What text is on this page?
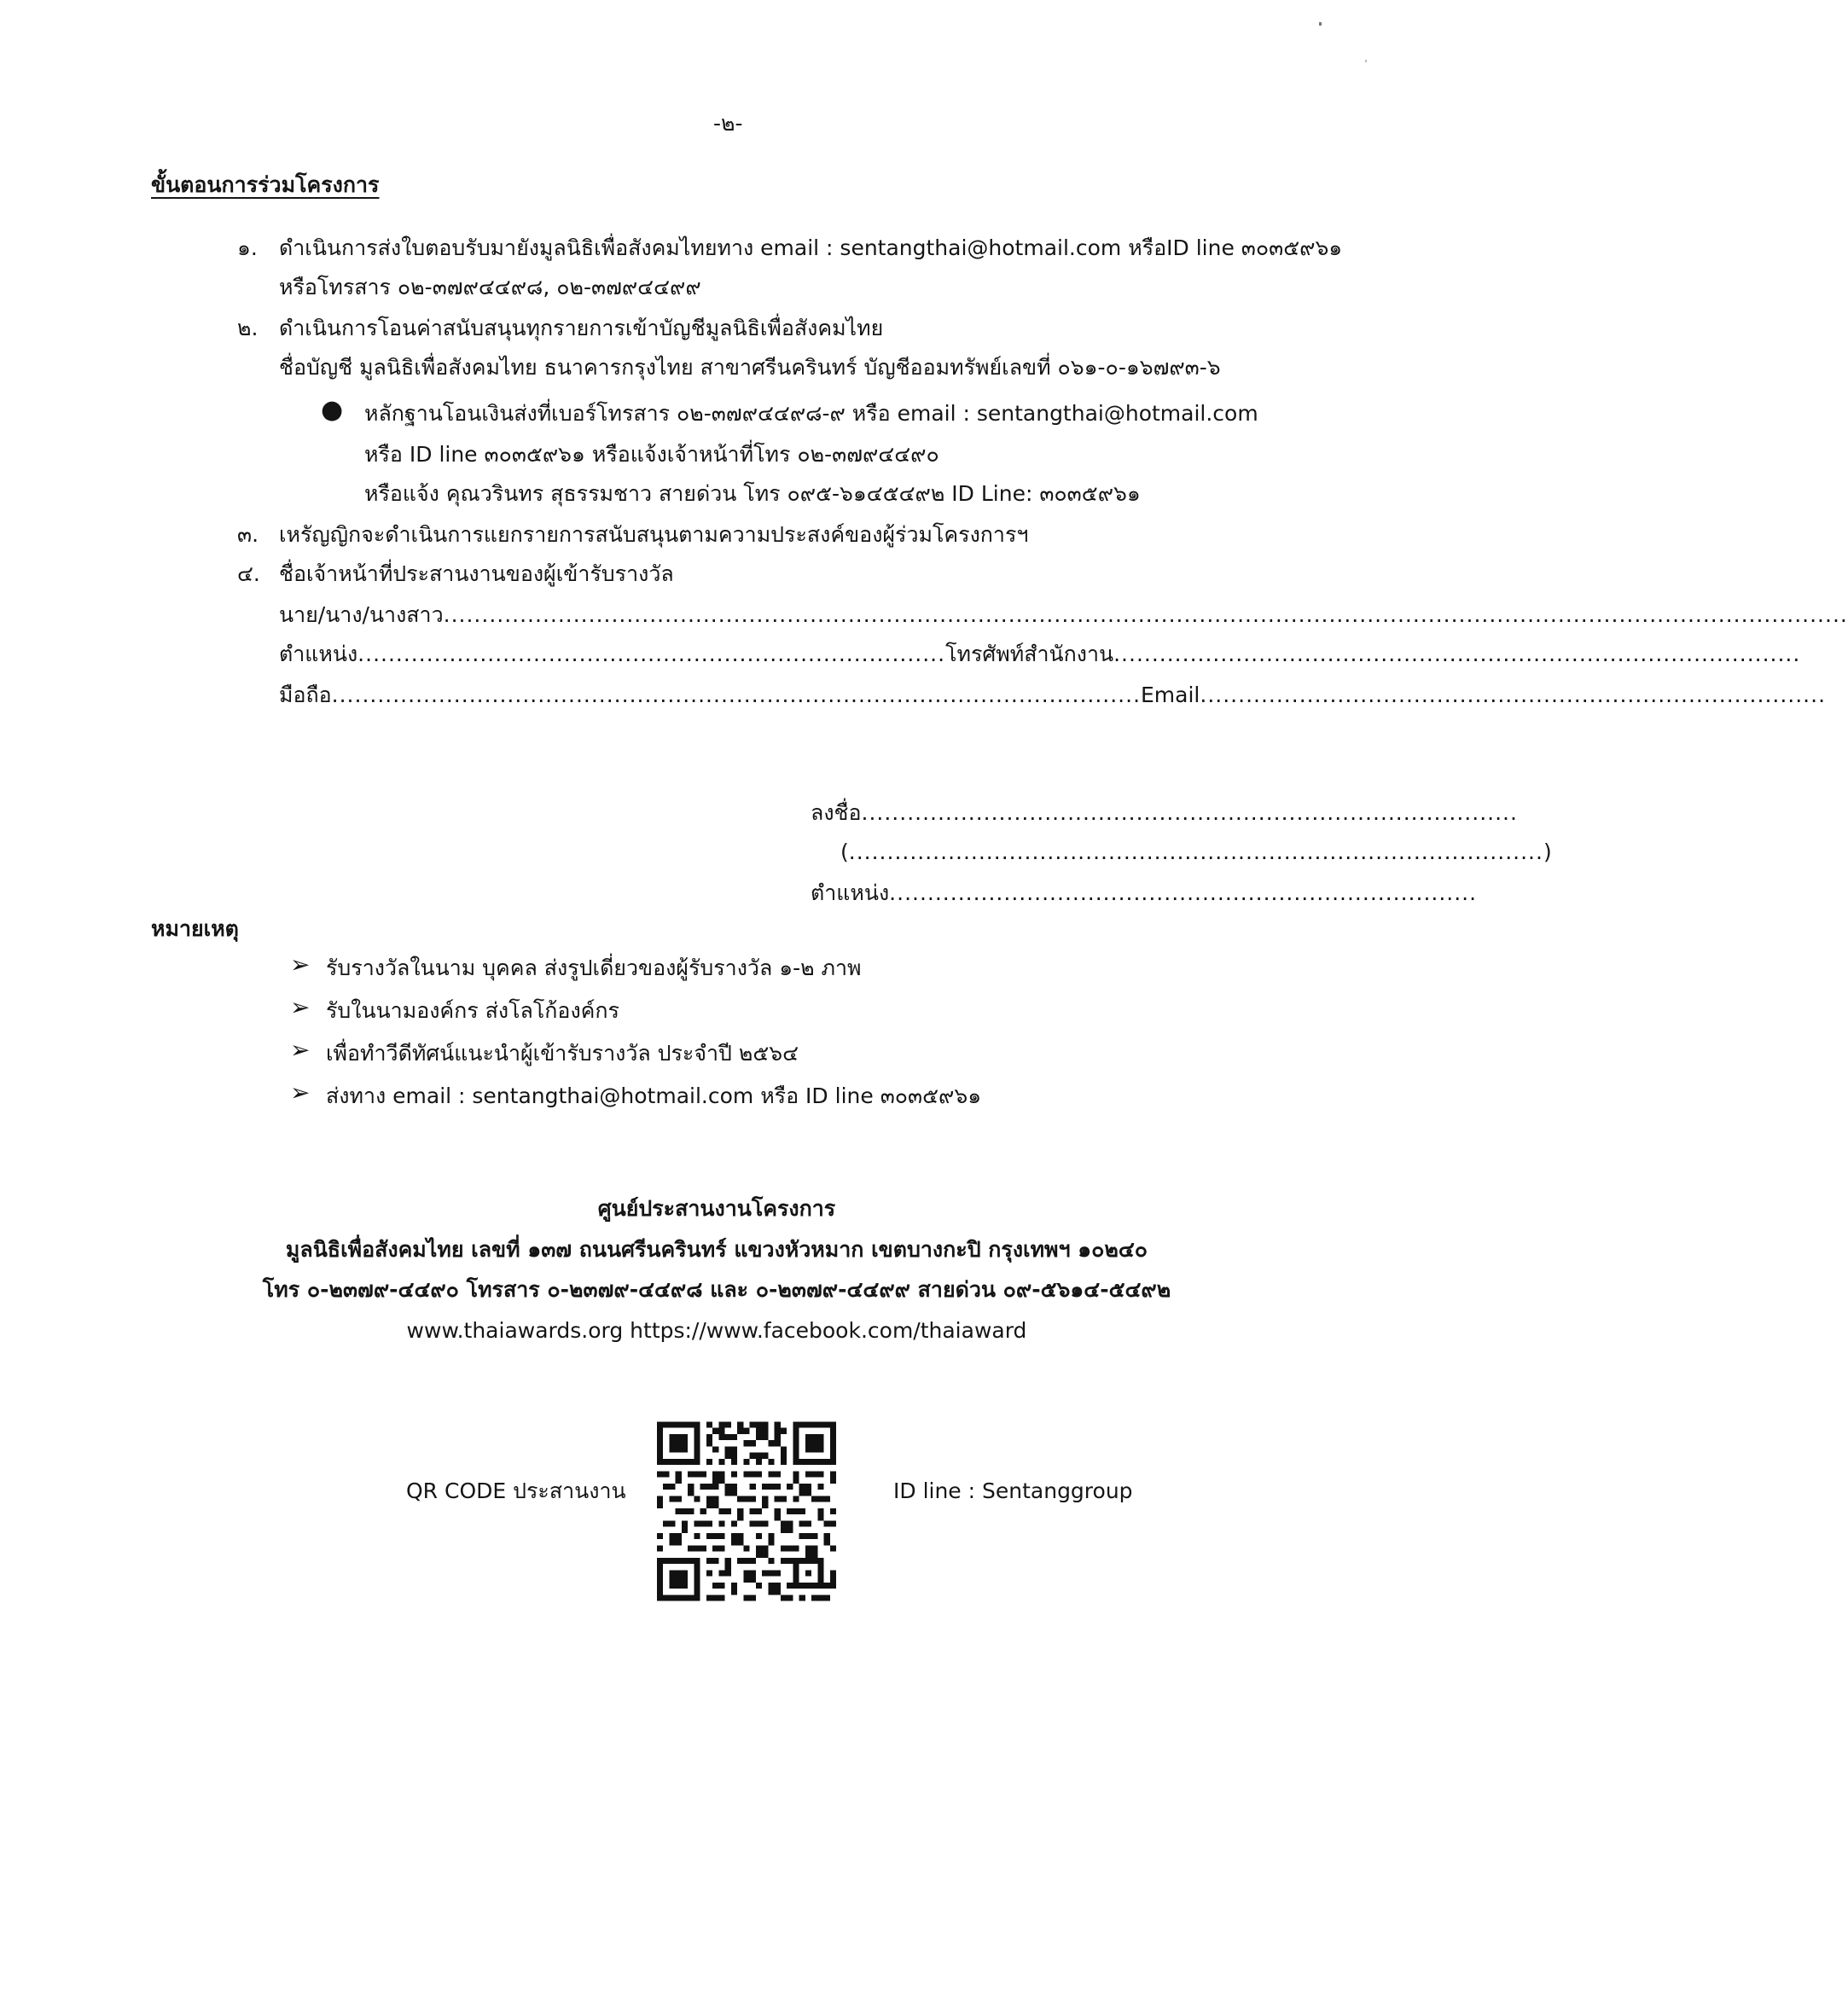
-๒-
ขั้นตอนการร่วมโครงการ
๑. ดำเนินการส่งใบตอบรับมายังมูลนิธิเพื่อสังคมไทยทาง email : sentangthai@hotmail.com หรือID line ๓๐๓๕๙๖๑
หรือโทรสาร ๐๒-๓๗๙๔๔๙๘, ๐๒-๓๗๙๔๔๙๙
๒. ดำเนินการโอนค่าสนับสนุนทุกรายการเข้าบัญชีมูลนิธิเพื่อสังคมไทย
ชื่อบัญชี มูลนิธิเพื่อสังคมไทย ธนาคารกรุงไทย สาขาศรีนครินทร์ บัญชีออมทรัพย์เลขที่ ๐๖๑-๐-๑๖๗๙๓-๖
● หลักฐานโอนเงินส่งที่เบอร์โทรสาร ๐๒-๓๗๙๔๔๙๘-๙ หรือ email : sentangthai@hotmail.com
หรือ ID line ๓๐๓๕๙๖๑ หรือแจ้งเจ้าหน้าที่โทร ๐๒-๓๗๙๔๔๙๐
หรือแจ้ง คุณวรินทร สุธรรมชาว สายด่วน โทร ๐๙๕-๖๑๔๕๔๙๒ ID Line: ๓๐๓๕๙๖๑
๓. เหรัญญิกจะดำเนินการแยกรายการสนับสนุนตามความประสงค์ของผู้ร่วมโครงการฯ
๔. ชื่อเจ้าหน้าที่ประสานงานของผู้เข้ารับรางวัล
นาย/นาง/นางสาว........................................................................................................................................................................................
ตำแหน่ง.............................................................................โทรศัพท์สำนักงาน..........................................................................................
มือถือ..........................................................................................................Email..................................................................................
ลงชื่อ......................................................................................
(...........................................................................................)
ตำแหน่ง.............................................................................
หมายเหตุ
➢ รับรางวัลในนาม บุคคล ส่งรูปเดี่ยวของผู้รับรางวัล ๑-๒ ภาพ
➢ รับในนามองค์กร ส่งโลโก้องค์กร
➢ เพื่อทำวีดีทัศน์แนะนำผู้เข้ารับรางวัล ประจำปี ๒๕๖๔
➢ ส่งทาง email : sentangthai@hotmail.com หรือ ID line ๓๐๓๕๙๖๑
ศูนย์ประสานงานโครงการ
มูลนิธิเพื่อสังคมไทย เลขที่ ๑๓๗ ถนนศรีนครินทร์ แขวงหัวหมาก เขตบางกะปิ กรุงเทพฯ ๑๐๒๔๐
โทร ๐-๒๓๗๙-๔๔๙๐ โทรสาร ๐-๒๓๗๙-๔๔๙๘ และ ๐-๒๓๗๙-๔๔๙๙ สายด่วน ๐๙-๕๖๑๔-๕๔๙๒
www.thaiawards.org https://www.facebook.com/thaiaward
QR CODE ประสานงาน	ID line : Sentanggroup
